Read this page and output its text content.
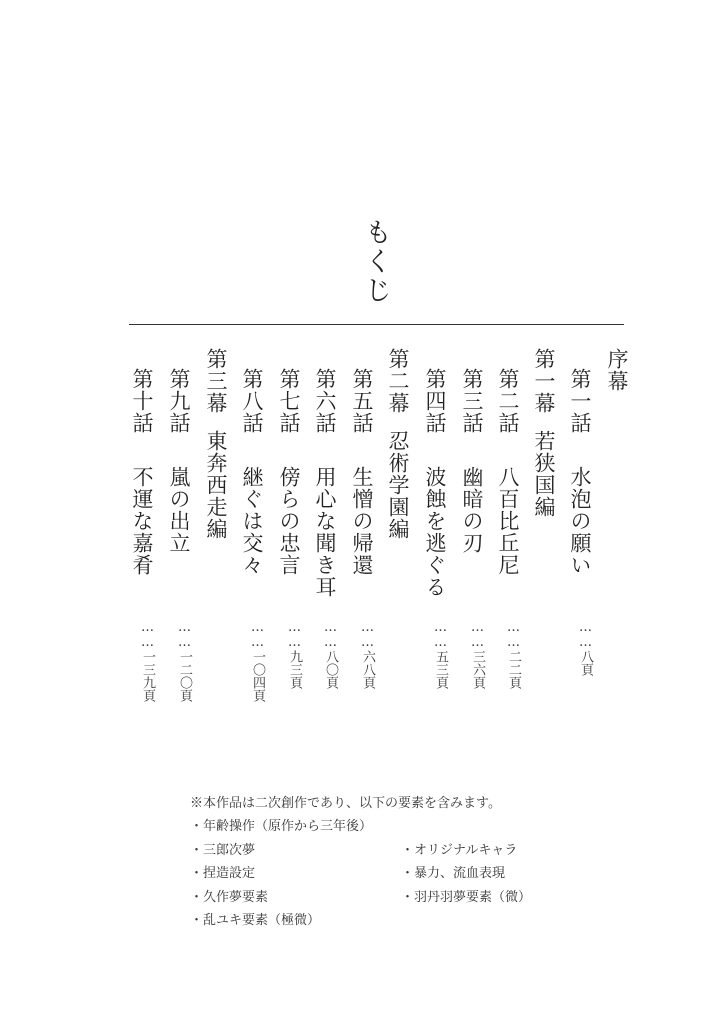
もくじ
序幕
第一話
水泡の願い
……八頁
第一幕
若狭国編
第二話
八百比丘尼
……二二頁
第三話
幽暗の刃
……三六頁
第四話
波蝕を逃ぐる
……五三頁
第二幕
忍術学園編
第五話
生憎の帰還
……六八頁
第六話
用心な聞き耳
……八〇頁
第七話
傍らの忠言
……九三頁
第八話
継ぐは交々
……一〇四頁
第三幕
東奔西走編
第九話
嵐の出立
……一二〇頁
第十話
不運な嘉肴
……一三九頁
※本作品は二次創作であり、以下の要素を含みます。
・年齢操作（原作から三年後）
・三郎次夢
・捏造設定
・久作夢要素
・乱ユキ要素（極微）
・オリジナルキャラ
・暴力、流血表現
・羽丹羽夢要素（微）
